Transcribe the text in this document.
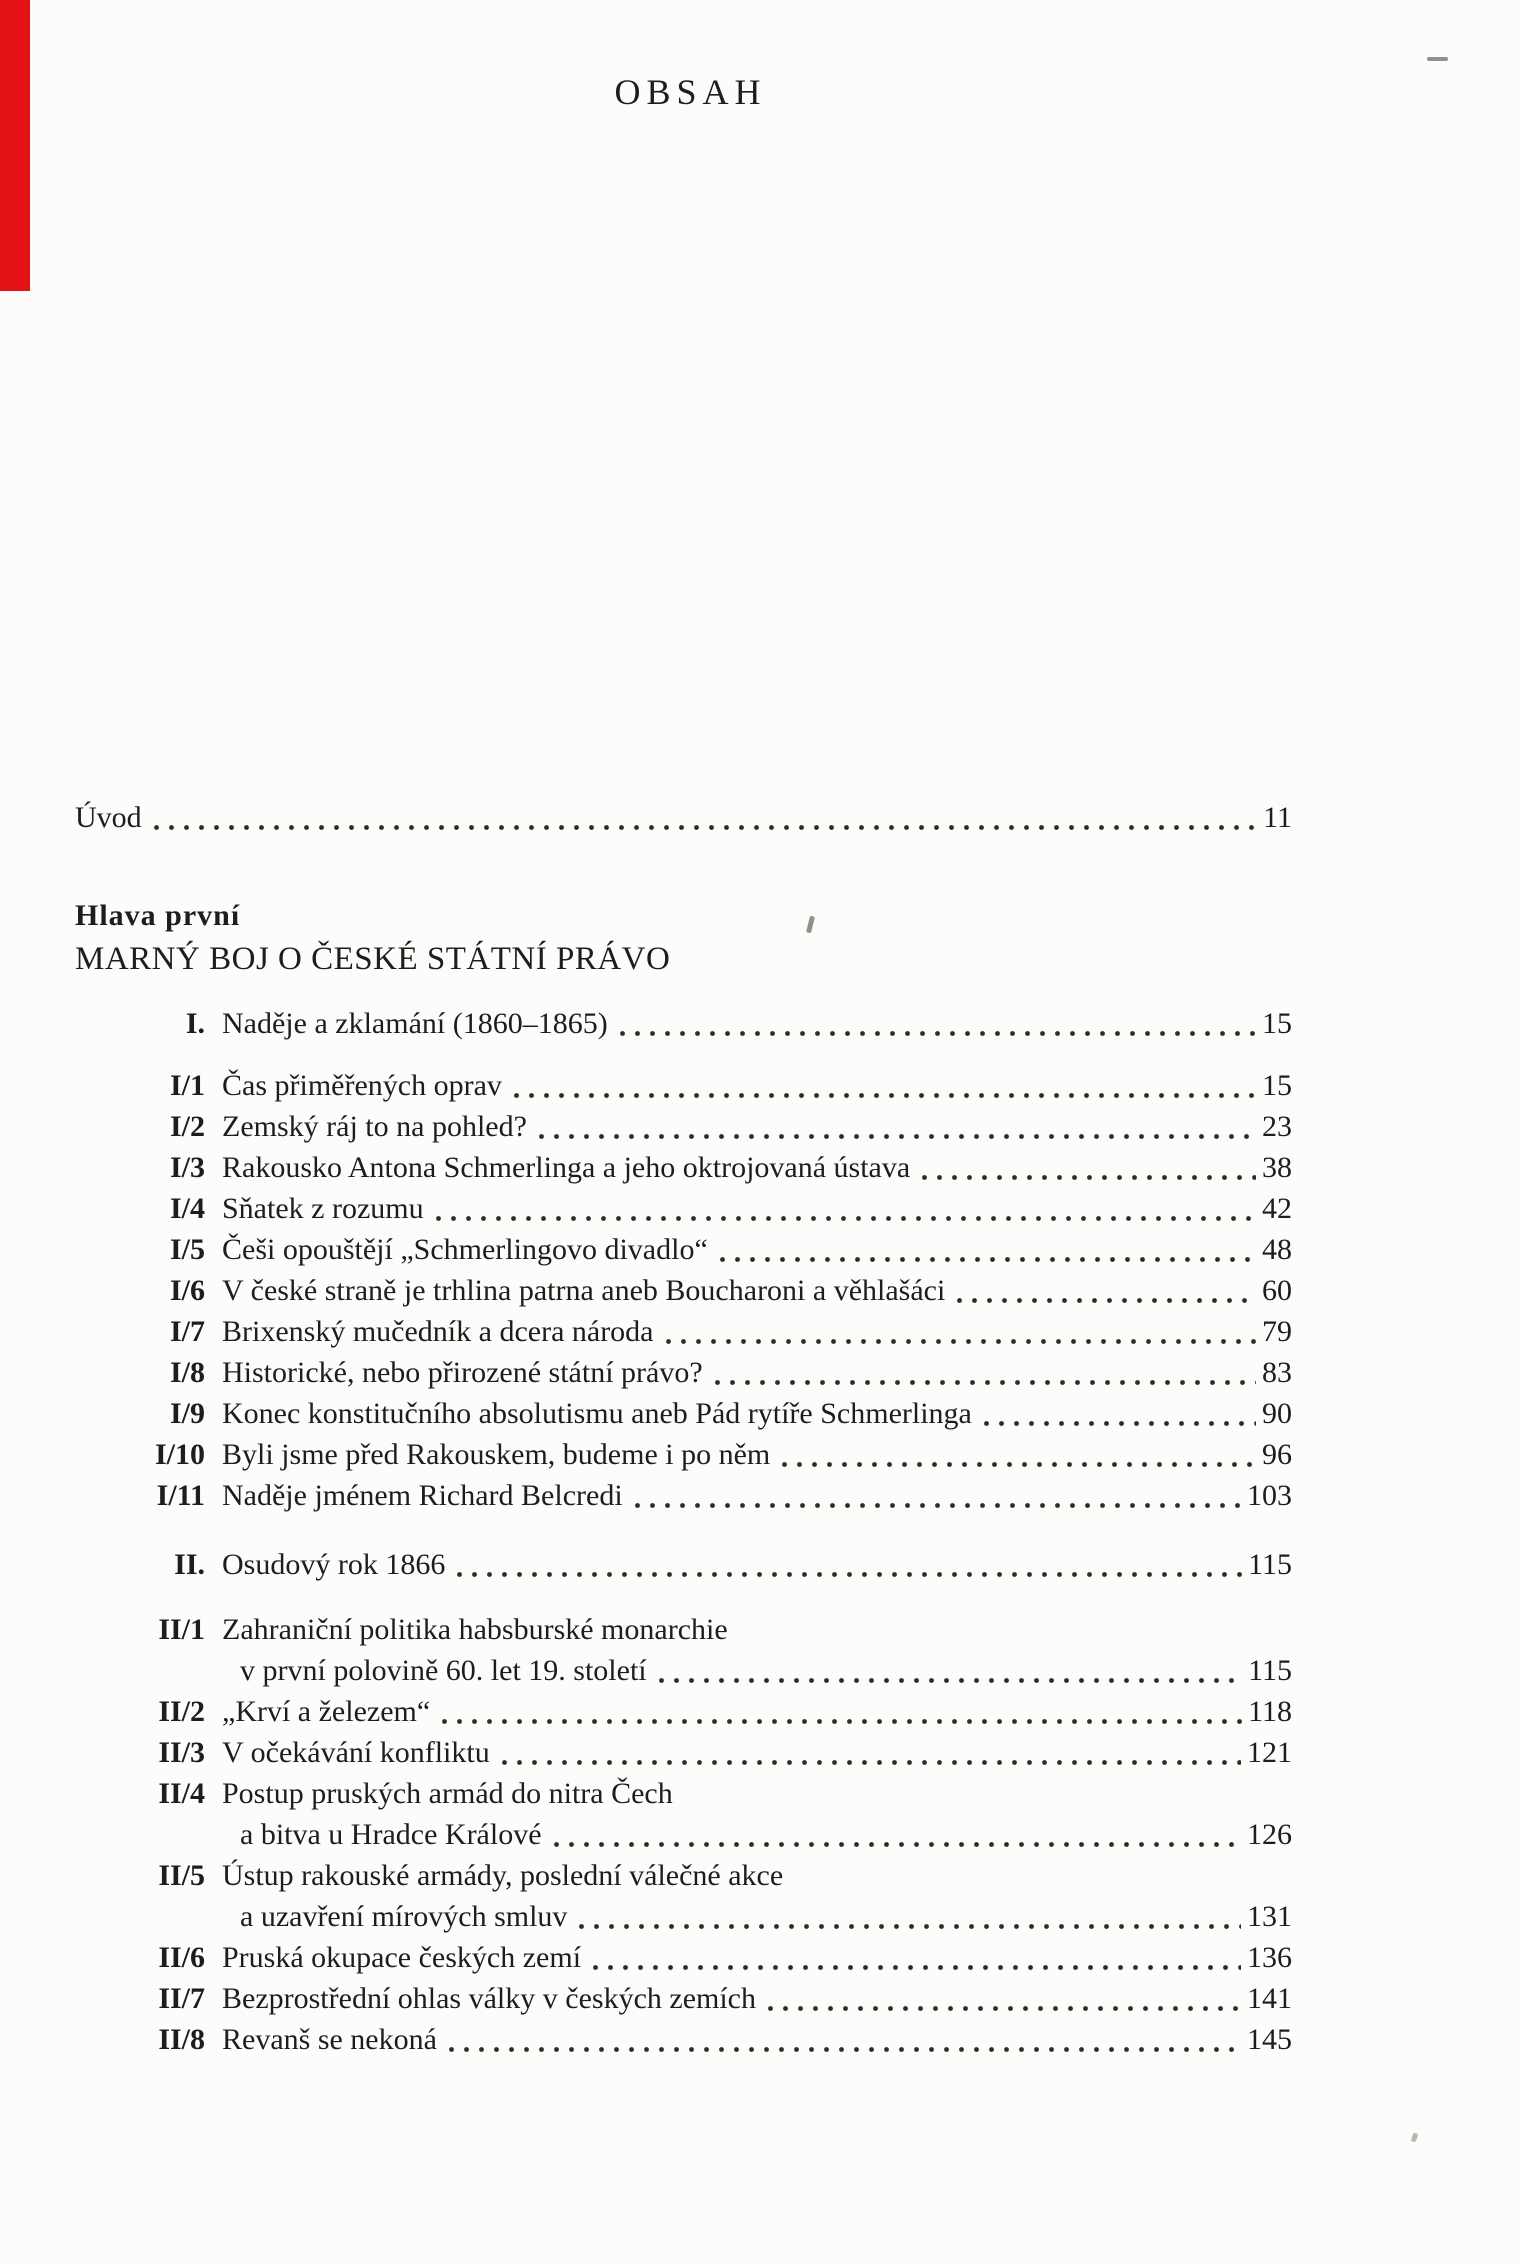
OBSAH
Úvod	11
Hlava první
MARNÝ BOJ O ČESKÉ STÁTNÍ PRÁVO
I. Naděje a zklamání (1860–1865)	15
I/1 Čas přiměřených oprav	15
I/2 Zemský ráj to na pohled?	23
I/3 Rakousko Antona Schmerlinga a jeho oktrojovaná ústava	38
I/4 Sňatek z rozumu	42
I/5 Češi opouštějí „Schmerlingovo divadlo“	48
I/6 V české straně je trhlina patrna aneb Boucharoni a věhlašáci	60
I/7 Brixenský mučedník a dcera národa	79
I/8 Historické, nebo přirozené státní právo?	83
I/9 Konec konstitučního absolutismu aneb Pád rytíře Schmerlinga	90
I/10 Byli jsme před Rakouskem, budeme i po něm	96
I/11 Naděje jménem Richard Belcredi	103
II. Osudový rok 1866	115
II/1 Zahraniční politika habsburské monarchie
v první polovině 60. let 19. století	115
II/2 „Krví a železem“	118
II/3 V očekávání konfliktu	121
II/4 Postup pruských armád do nitra Čech
a bitva u Hradce Králové	126
II/5 Ústup rakouské armády, poslední válečné akce
a uzavření mírových smluv	131
II/6 Pruská okupace českých zemí	136
II/7 Bezprostřední ohlas války v českých zemích	141
II/8 Revanš se nekoná	145
